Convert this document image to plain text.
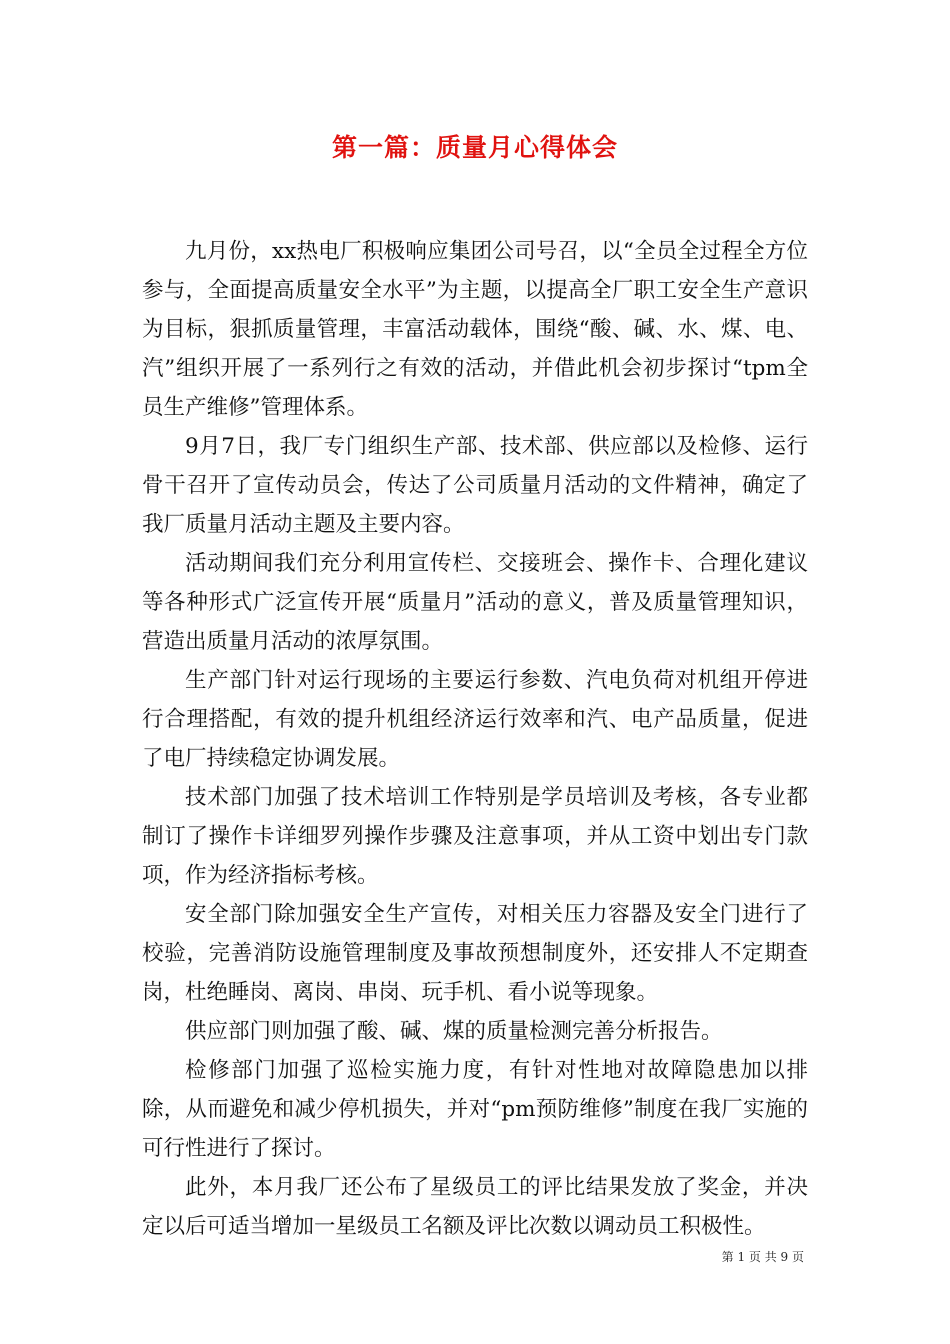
第一篇：质量月心得体会

九月份，xx热电厂积极响应集团公司号召，以“全员全过程全方位参与，全面提高质量安全水平”为主题，以提高全厂职工安全生产意识为目标，狠抓质量管理，丰富活动载体，围绕“酸、碱、水、煤、电、汽”组织开展了一系列行之有效的活动，并借此机会初步探讨“tpm全员生产维修”管理体系。

9月7日，我厂专门组织生产部、技术部、供应部以及检修、运行骨干召开了宣传动员会，传达了公司质量月活动的文件精神，确定了我厂质量月活动主题及主要内容。

活动期间我们充分利用宣传栏、交接班会、操作卡、合理化建议等各种形式广泛宣传开展“质量月”活动的意义，普及质量管理知识，营造出质量月活动的浓厚氛围。

生产部门针对运行现场的主要运行参数、汽电负荷对机组开停进行合理搭配，有效的提升机组经济运行效率和汽、电产品质量，促进了电厂持续稳定协调发展。

技术部门加强了技术培训工作特别是学员培训及考核，各专业都制订了操作卡详细罗列操作步骤及注意事项，并从工资中划出专门款项，作为经济指标考核。

安全部门除加强安全生产宣传，对相关压力容器及安全门进行了校验，完善消防设施管理制度及事故预想制度外，还安排人不定期查岗，杜绝睡岗、离岗、串岗、玩手机、看小说等现象。

供应部门则加强了酸、碱、煤的质量检测完善分析报告。

检修部门加强了巡检实施力度，有针对性地对故障隐患加以排除，从而避免和减少停机损失，并对“pm预防维修”制度在我厂实施的可行性进行了探讨。

此外，本月我厂还公布了星级员工的评比结果发放了奖金，并决定以后可适当增加一星级员工名额及评比次数以调动员工积极性。

第 1 页 共 9 页
